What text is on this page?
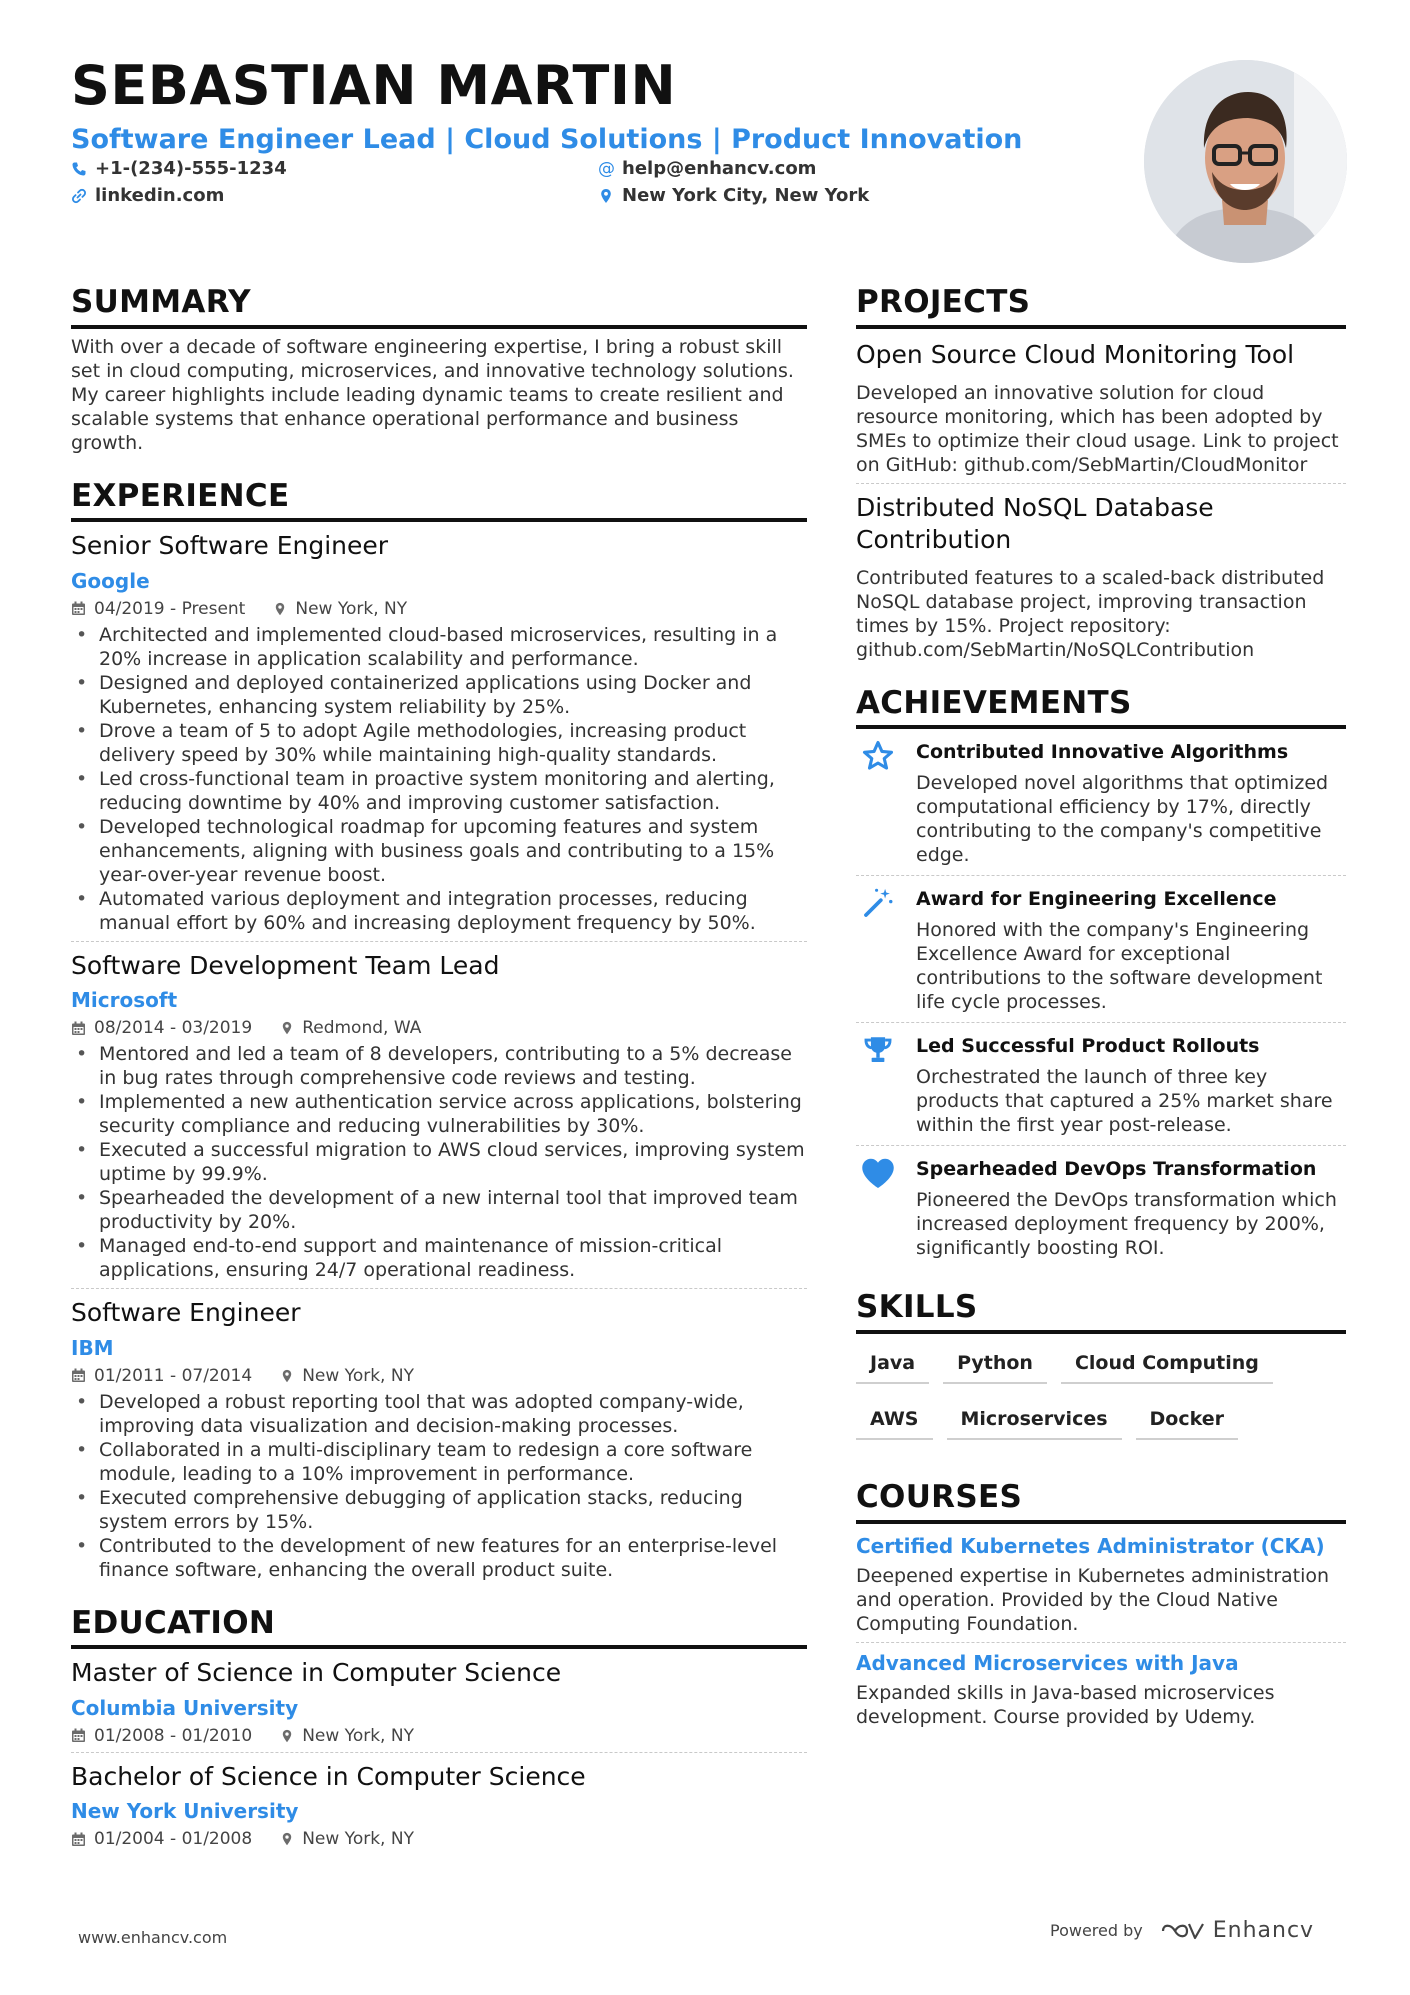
SEBASTIAN MARTIN
Software Engineer Lead | Cloud Solutions | Product Innovation
+1-(234)-555-1234
linkedin.com
@ help@enhancv.com
New York City, New York
SUMMARY

With over a decade of software engineering expertise, I bring a robust skill set in cloud computing, microservices, and innovative technology solutions. My career highlights include leading dynamic teams to create resilient and scalable systems that enhance operational performance and business growth.

EXPERIENCE
Senior Software Engineer
Google
04/2019 - Present	New York, NY
• Architected and implemented cloud-based microservices, resulting in a 20% increase in application scalability and performance.
• Designed and deployed containerized applications using Docker and Kubernetes, enhancing system reliability by 25%.
• Drove a team of 5 to adopt Agile methodologies, increasing product delivery speed by 30% while maintaining high-quality standards.
• Led cross-functional team in proactive system monitoring and alerting, reducing downtime by 40% and improving customer satisfaction.
• Developed technological roadmap for upcoming features and system enhancements, aligning with business goals and contributing to a 15% year-over-year revenue boost.
• Automated various deployment and integration processes, reducing manual effort by 60% and increasing deployment frequency by 50%.
Software Development Team Lead
Microsoft
08/2014 - 03/2019	Redmond, WA
• Mentored and led a team of 8 developers, contributing to a 5% decrease in bug rates through comprehensive code reviews and testing.
• Implemented a new authentication service across applications, bolstering security compliance and reducing vulnerabilities by 30%.
• Executed a successful migration to AWS cloud services, improving system uptime by 99.9%.
• Spearheaded the development of a new internal tool that improved team productivity by 20%.
• Managed end-to-end support and maintenance of mission-critical applications, ensuring 24/7 operational readiness.
Software Engineer
IBM
01/2011 - 07/2014	New York, NY
• Developed a robust reporting tool that was adopted company-wide, improving data visualization and decision-making processes.
• Collaborated in a multi-disciplinary team to redesign a core software module, leading to a 10% improvement in performance.
• Executed comprehensive debugging of application stacks, reducing system errors by 15%.
• Contributed to the development of new features for an enterprise-level finance software, enhancing the overall product suite.
EDUCATION
Master of Science in Computer Science
Columbia University
01/2008 - 01/2010	New York, NY
Bachelor of Science in Computer Science
New York University
01/2004 - 01/2008	New York, NY
PROJECTS
Open Source Cloud Monitoring Tool

Developed an innovative solution for cloud resource monitoring, which has been adopted by SMEs to optimize their cloud usage. Link to project on GitHub: github.com/SebMartin/CloudMonitor

Distributed NoSQL Database Contribution

Contributed features to a scaled-back distributed NoSQL database project, improving transaction times by 15%. Project repository: github.com/SebMartin/NoSQLContribution

ACHIEVEMENTS

Contributed Innovative Algorithms

Developed novel algorithms that optimized computational efficiency by 17%, directly contributing to the company's competitive edge.

Award for Engineering Excellence

Honored with the company's Engineering Excellence Award for exceptional contributions to the software development life cycle processes.

Led Successful Product Rollouts

Orchestrated the launch of three key products that captured a 25% market share within the first year post-release.

Spearheaded DevOps Transformation

Pioneered the DevOps transformation which increased deployment frequency by 200%, significantly boosting ROI.

SKILLS
Java	Python	Cloud Computing
AWS	Microservices	Docker
COURSES
Certified Kubernetes Administrator (CKA)

Deepened expertise in Kubernetes administration and operation. Provided by the Cloud Native Computing Foundation.

Advanced Microservices with Java

Expanded skills in Java-based microservices development. Course provided by Udemy.

www.enhancv.com	Powered by	Enhancv
